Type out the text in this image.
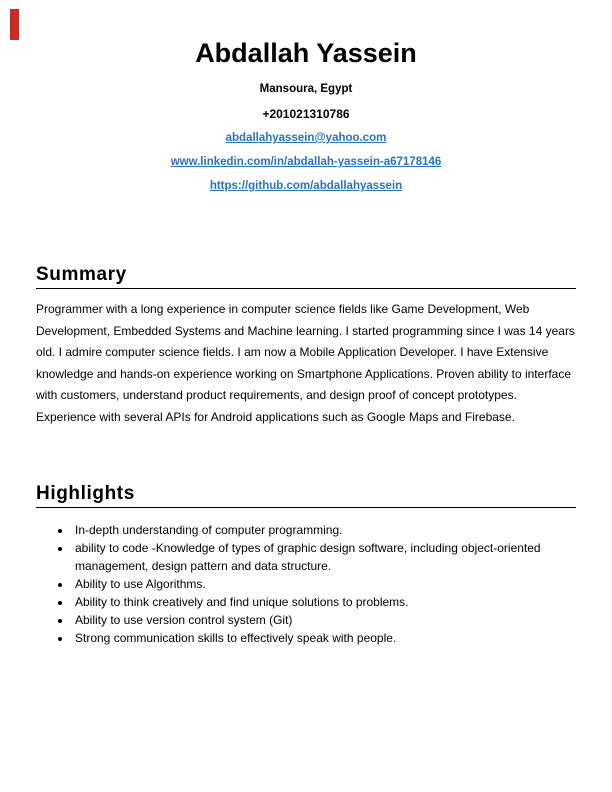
Abdallah Yassein
Mansoura, Egypt
+201021310786
abdallahyassein@yahoo.com
www.linkedin.com/in/abdallah-yassein-a67178146
https://github.com/abdallahyassein
Summary

Programmer with a long experience in computer science fields like Game Development, Web Development, Embedded Systems and Machine learning. I started programming since I was 14 years old. I admire computer science fields. I am now a Mobile Application Developer. I have Extensive knowledge and hands-on experience working on Smartphone Applications. Proven ability to interface with customers, understand product requirements, and design proof of concept prototypes. Experience with several APIs for Android applications such as Google Maps and Firebase.

Highlights
• In-depth understanding of computer programming.
• ability to code -Knowledge of types of graphic design software, including object-oriented management, design pattern and data structure.
• Ability to use Algorithms.
• Ability to think creatively and find unique solutions to problems.
• Ability to use version control system (Git)
• Strong communication skills to effectively speak with people.
